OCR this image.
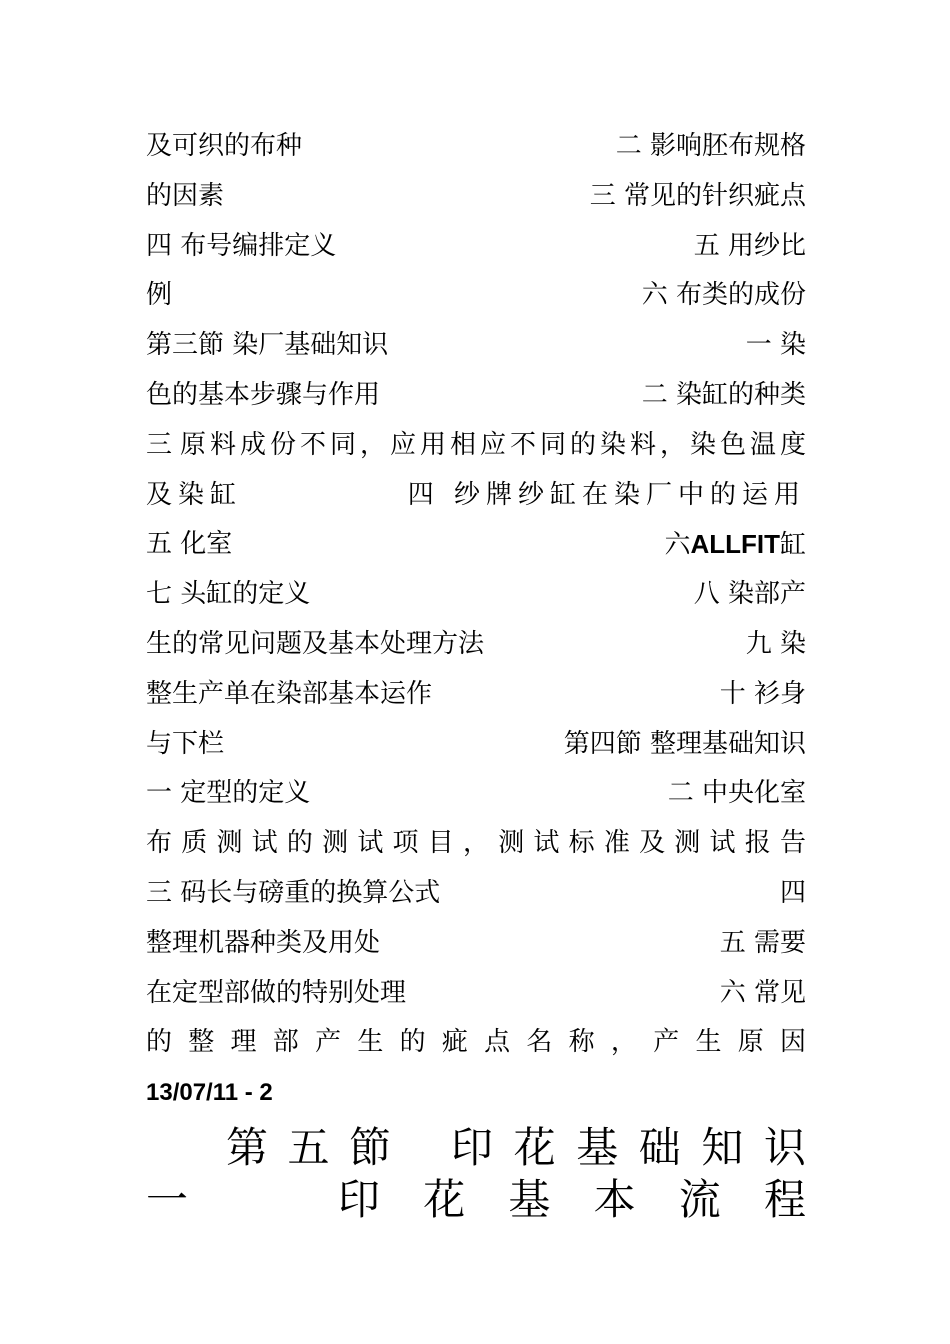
及可织的布种	二 影响胚布规格
的因素	三 常见的针织疵点
四 布号编排定义	五 用纱比
例	六 布类的成份
第三節 染厂基础知识	一 染
色的基本步骤与作用	二 染缸的种类
三 原 料 成 份 不 同 ， 应 用 相 应 不 同 的 染 料 ， 染 色 温 度
及染缸	四 纱牌纱缸在染厂中的运用
五 化室	六ALLFIT缸
七 头缸的定义	八 染部产
生的常见问题及基本处理方法	九 染
整生产单在染部基本运作	十 衫身
与下栏	第四節 整理基础知识
一 定型的定义	二 中央化室
布 质 测 试 的 测 试 项 目 ， 测 试 标 准 及 测 试 报 告
三 码长与磅重的换算公式	四
整理机器种类及用处	五 需要
在定型部做的特别处理	六 常见
的 整 理 部 产 生 的 疵 点 名 称 ， 产 生 原 因
13/07/11 - 2
第 五 節 印 花 基 础 知 识
一	印 花 基 本 流 程
